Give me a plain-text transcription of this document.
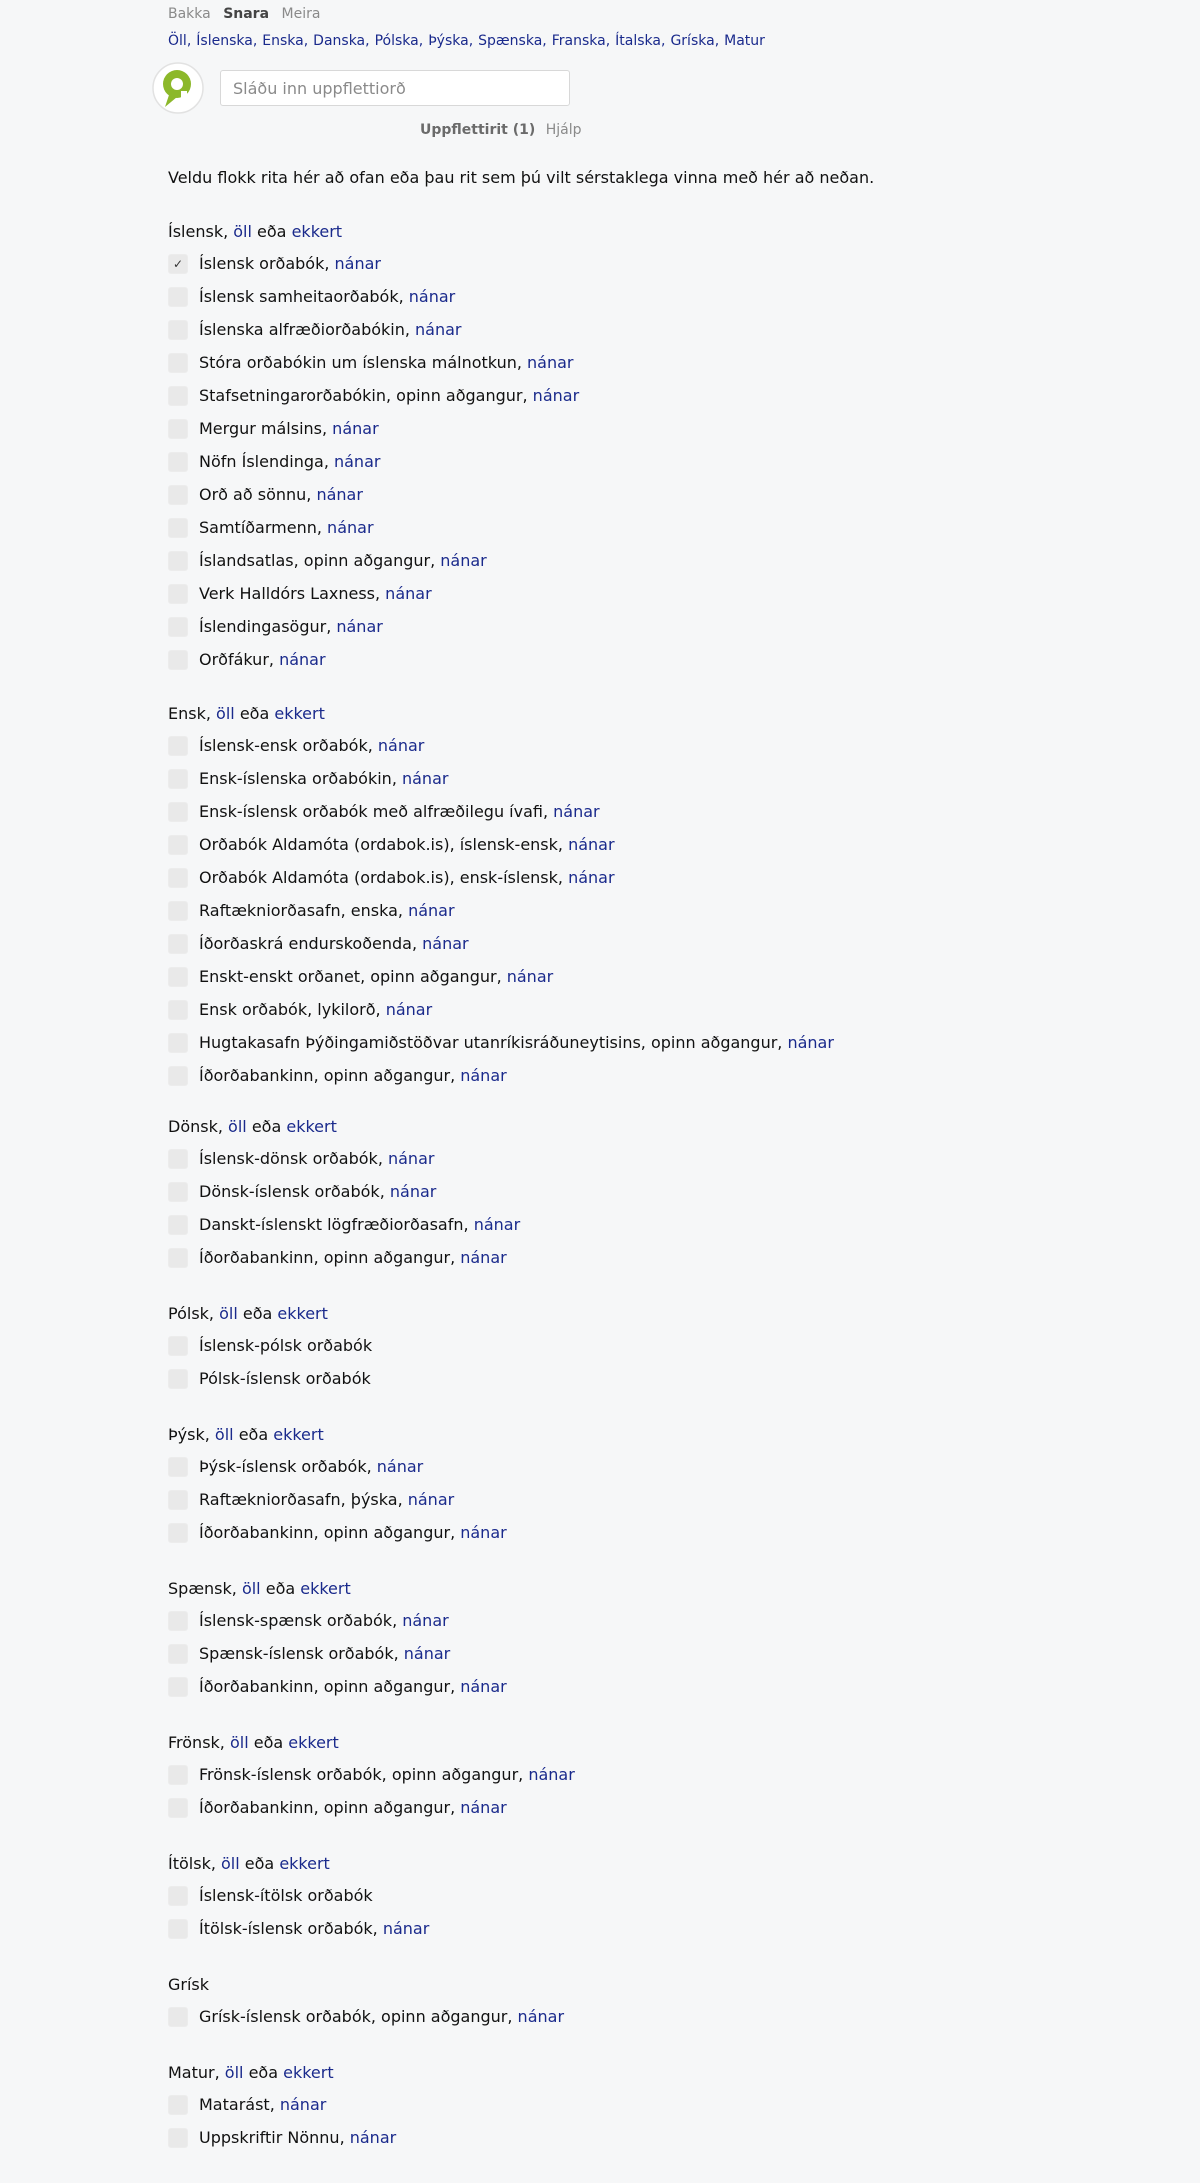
Bakka Snara Meira
Öll, Íslenska, Enska, Danska, Pólska, Þýska, Spænska, Franska, Ítalska, Gríska, Matur
Sláðu inn uppflettiorð
Uppflettirit (1) Hjálp
Veldu flokk rita hér að ofan eða þau rit sem þú vilt sérstaklega vinna með hér að neðan.
Íslensk, öll eða ekkert
✓ Íslensk orðabók, nánar
Íslensk samheitaorðabók, nánar
Íslenska alfræðiorðabókin, nánar
Stóra orðabókin um íslenska málnotkun, nánar
Stafsetningarorðabókin, opinn aðgangur, nánar
Mergur málsins, nánar
Nöfn Íslendinga, nánar
Orð að sönnu, nánar
Samtíðarmenn, nánar
Íslandsatlas, opinn aðgangur, nánar
Verk Halldórs Laxness, nánar
Íslendingasögur, nánar
Orðfákur, nánar
Ensk, öll eða ekkert
Íslensk-ensk orðabók, nánar
Ensk-íslenska orðabókin, nánar
Ensk-íslensk orðabók með alfræðilegu ívafi, nánar
Orðabók Aldamóta (ordabok.is), íslensk-ensk, nánar
Orðabók Aldamóta (ordabok.is), ensk-íslensk, nánar
Raftækniorðasafn, enska, nánar
Íðorðaskrá endurskoðenda, nánar
Enskt-enskt orðanet, opinn aðgangur, nánar
Ensk orðabók, lykilorð, nánar
Hugtakasafn Þýðingamiðstöðvar utanríkisráðuneytisins, opinn aðgangur, nánar
Íðorðabankinn, opinn aðgangur, nánar
Dönsk, öll eða ekkert
Íslensk-dönsk orðabók, nánar
Dönsk-íslensk orðabók, nánar
Danskt-íslenskt lögfræðiorðasafn, nánar
Íðorðabankinn, opinn aðgangur, nánar
Pólsk, öll eða ekkert
Íslensk-pólsk orðabók
Pólsk-íslensk orðabók
Þýsk, öll eða ekkert
Þýsk-íslensk orðabók, nánar
Raftækniorðasafn, þýska, nánar
Íðorðabankinn, opinn aðgangur, nánar
Spænsk, öll eða ekkert
Íslensk-spænsk orðabók, nánar
Spænsk-íslensk orðabók, nánar
Íðorðabankinn, opinn aðgangur, nánar
Frönsk, öll eða ekkert
Frönsk-íslensk orðabók, opinn aðgangur, nánar
Íðorðabankinn, opinn aðgangur, nánar
Ítölsk, öll eða ekkert
Íslensk-ítölsk orðabók
Ítölsk-íslensk orðabók, nánar
Grísk
Grísk-íslensk orðabók, opinn aðgangur, nánar
Matur, öll eða ekkert
Matarást, nánar
Uppskriftir Nönnu, nánar
